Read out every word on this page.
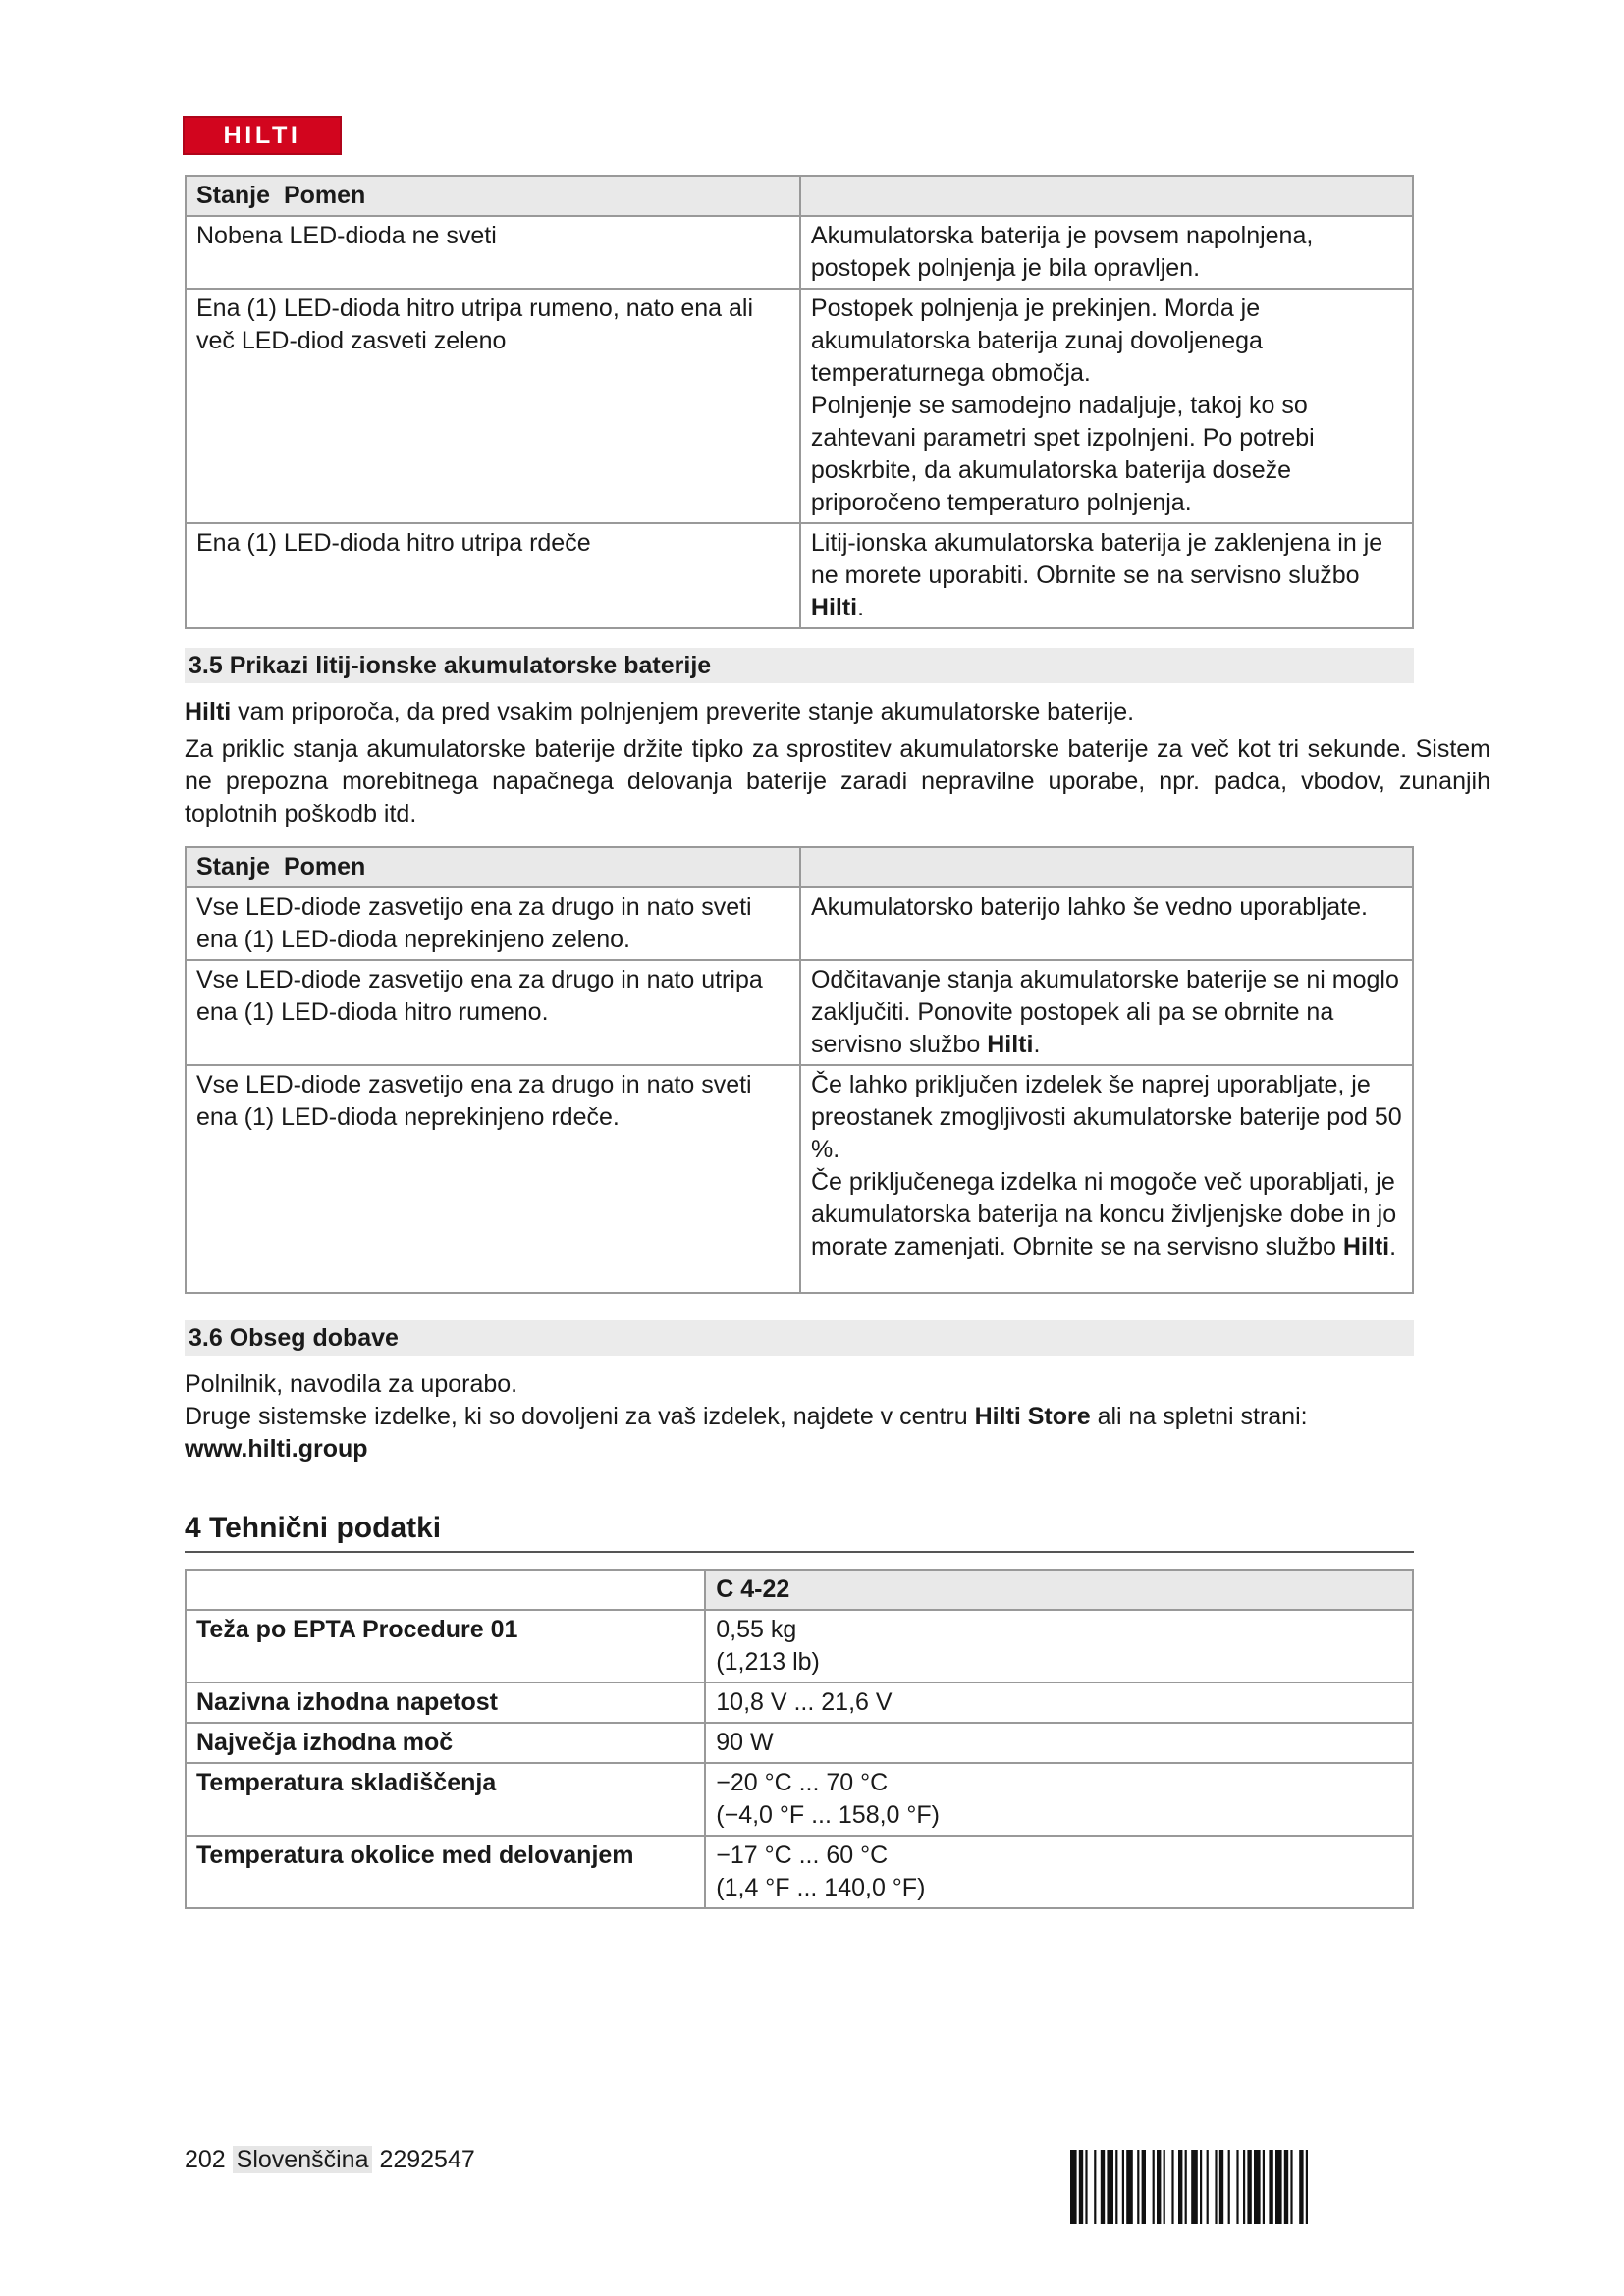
HILTI
Stanje Pomen	
Nobena LED-dioda ne sveti	Akumulatorska baterija je povsem napolnjena, postopek polnjenja je bila opravljen.
Ena (1) LED-dioda hitro utripa rumeno, nato ena ali več LED-diod zasveti zeleno	Postopek polnjenja je prekinjen. Morda je akumulatorska baterija zunaj dovoljenega temperaturnega območja.
Polnjenje se samodejno nadaljuje, takoj ko so zahtevani parametri spet izpolnjeni. Po potrebi poskrbite, da akumulatorska baterija doseže priporočeno temperaturo polnjenja.

Ena (1) LED-dioda hitro utripa rdeče	Litij-ionska akumulatorska baterija je zaklenjena in je ne morete uporabiti. Obrnite se na servisno službo Hilti.
3.5 Prikazi litij-ionske akumulatorske baterije
Hilti vam priporoča, da pred vsakim polnjenjem preverite stanje akumulatorske baterije.
Za priklic stanja akumulatorske baterije držite tipko za sprostitev akumulatorske baterije za več kot tri sekunde. Sistem ne prepozna morebitnega napačnega delovanja baterije zaradi nepravilne uporabe, npr. padca, vbodov, zunanjih toplotnih poškodb itd.
Stanje Pomen	
Vse LED-diode zasvetijo ena za drugo in nato sveti ena (1) LED-dioda neprekinjeno zeleno.	Akumulatorsko baterijo lahko še vedno uporabljate.
Vse LED-diode zasvetijo ena za drugo in nato utripa ena (1) LED-dioda hitro rumeno.	Odčitavanje stanja akumulatorske baterije se ni moglo zaključiti. Ponovite postopek ali pa se obrnite na servisno službo Hilti.
Vse LED-diode zasvetijo ena za drugo in nato sveti ena (1) LED-dioda neprekinjeno rdeče.	Če lahko priključen izdelek še naprej uporabljate, je preostanek zmogljivosti akumulatorske baterije pod 50 %.
Če priključenega izdelka ni mogoče več uporabljati, je akumulatorska baterija na koncu življenjske dobe in jo morate zamenjati. Obrnite se na servisno službo Hilti.
3.6 Obseg dobave
Polnilnik, navodila za uporabo.
Druge sistemske izdelke, ki so dovoljeni za vaš izdelek, najdete v centru Hilti Store ali na spletni strani:
www.hilti.group
4 Tehnični podatki
	C 4-22
Teža po EPTA Procedure 01	0,55 kg
(1,213 lb)

Nazivna izhodna napetost	10,8 V ... 21,6 V
Največja izhodna moč	90 W
Temperatura skladiščenja	−20 °C ... 70 °C
(−4,0 °F ... 158,0 °F)

Temperatura okolice med delovanjem	−17 °C ... 60 °C
(1,4 °F ... 140,0 °F)
202 Slovenščina 2292547
